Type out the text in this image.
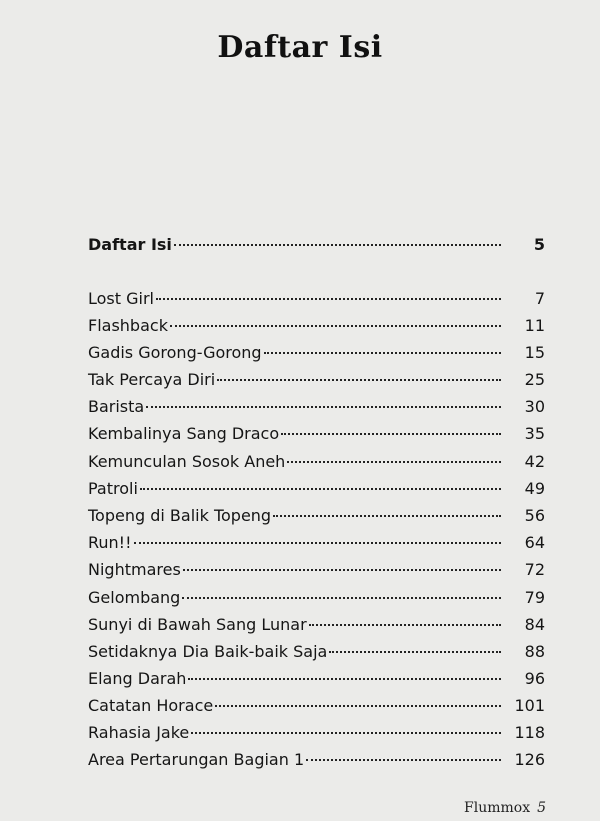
Daftar Isi
Daftar Isi	5
Lost Girl	7
Flashback	11
Gadis Gorong-Gorong	15
Tak Percaya Diri	25
Barista	30
Kembalinya Sang Draco	35
Kemunculan Sosok Aneh	42
Patroli	49
Topeng di Balik Topeng	56
Run!!	64
Nightmares	72
Gelombang	79
Sunyi di Bawah Sang Lunar	84
Setidaknya Dia Baik-baik Saja	88
Elang Darah	96
Catatan Horace	101
Rahasia Jake	118
Area Pertarungan Bagian 1	126
Flummox 5
